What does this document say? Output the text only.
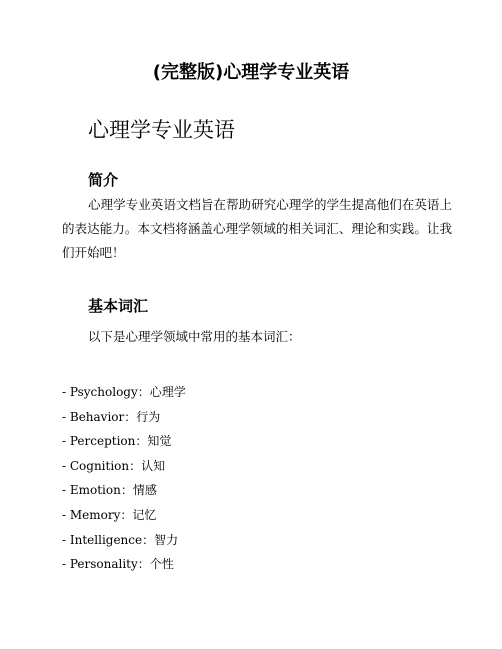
(完整版)心理学专业英语
心理学专业英语
简介
心理学专业英语文档旨在帮助研究心理学的学生提高他们在英语上的表达能力。本文档将涵盖心理学领域的相关词汇、理论和实践。让我们开始吧！
基本词汇
以下是心理学领域中常用的基本词汇：
- Psychology：心理学
- Behavior：行为
- Perception：知觉
- Cognition：认知
- Emotion：情感
- Memory：记忆
- Intelligence：智力
- Personality：个性
